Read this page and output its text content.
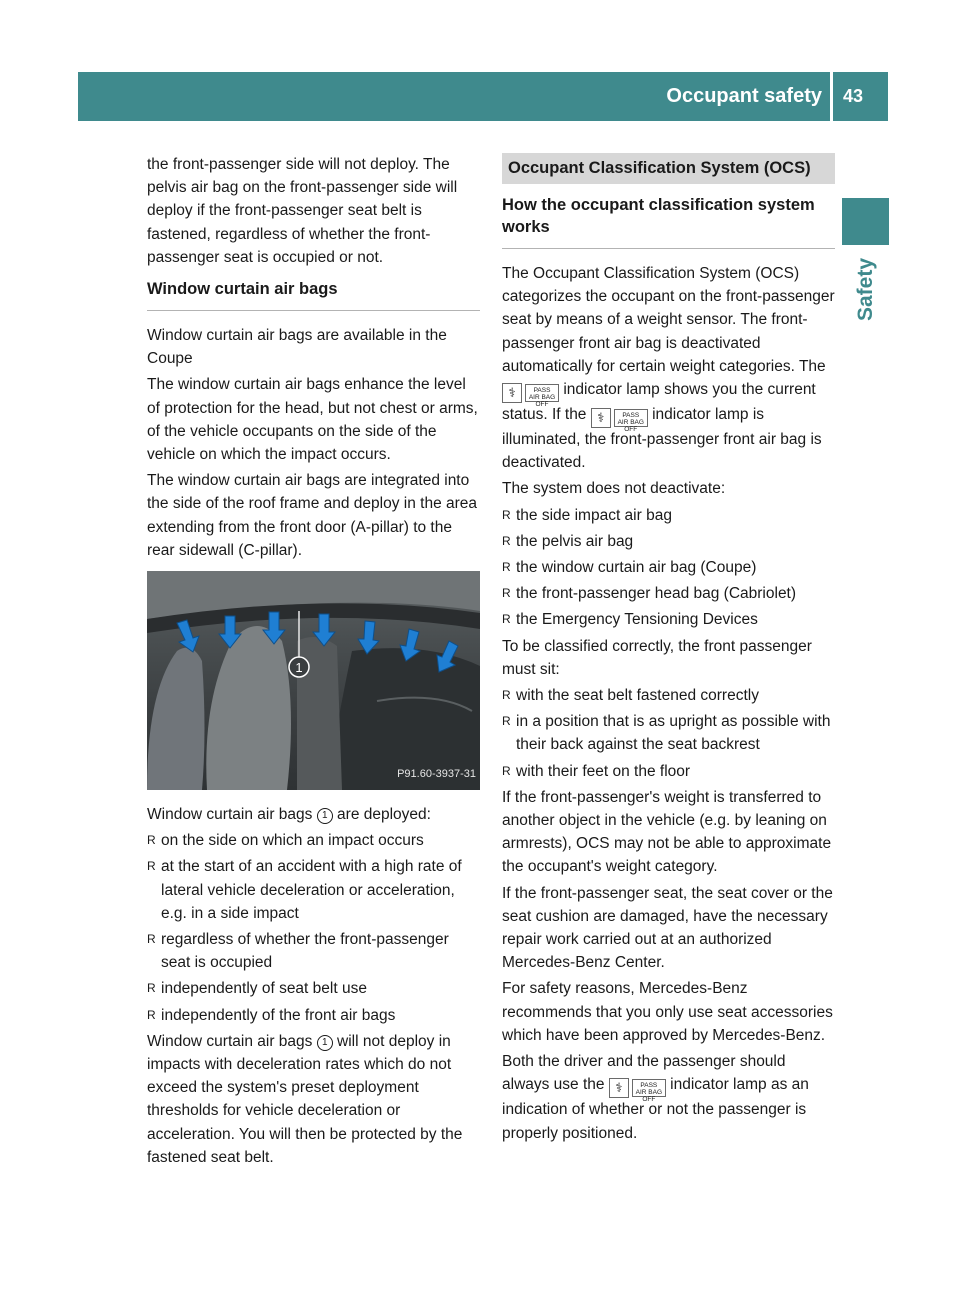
Occupant safety	43
Safety

the front-passenger side will not deploy. The pelvis air bag on the front-passenger side will deploy if the front-passenger seat belt is fastened, regardless of whether the front-passenger seat is occupied or not.

Window curtain air bags

Window curtain air bags are available in the Coupe

The window curtain air bags enhance the level of protection for the head, but not chest or arms, of the vehicle occupants on the side of the vehicle on which the impact occurs.

The window curtain air bags are integrated into the side of the roof frame and deploy in the area extending from the front door (A-pillar) to the rear sidewall (C-pillar).

1
P91.60-3937-31

Window curtain air bags 1 are deployed:

R on the side on which an impact occurs
R at the start of an accident with a high rate of lateral vehicle deceleration or acceleration, e.g. in a side impact
R regardless of whether the front-passenger seat is occupied
R independently of seat belt use
R independently of the front air bags

Window curtain air bags 1 will not deploy in impacts with deceleration rates which do not exceed the system's preset deployment thresholds for vehicle deceleration or acceleration. You will then be protected by the fastened seat belt.

Occupant Classification System (OCS)
How the occupant classification system works

The Occupant Classification System (OCS) categorizes the occupant on the front-passenger seat by means of a weight sensor. The front-passenger front air bag is deactivated automatically for certain weight categories. The
⚕	PASS
AIR BAG OFF
indicator lamp shows you the current status. If the ⚕	PASS
AIR BAG OFF
indicator lamp is illuminated, the front-passenger front air bag is deactivated.

The system does not deactivate:

R the side impact air bag
R the pelvis air bag
R the window curtain air bag (Coupe)
R the front-passenger head bag (Cabriolet)
R the Emergency Tensioning Devices

To be classified correctly, the front passenger must sit:

R with the seat belt fastened correctly
R in a position that is as upright as possible with their back against the seat backrest
R with their feet on the floor

If the front-passenger's weight is transferred to another object in the vehicle (e.g. by leaning on armrests), OCS may not be able to approximate the occupant's weight category.

If the front-passenger seat, the seat cover or the seat cushion are damaged, have the necessary repair work carried out at an authorized Mercedes-Benz Center.

For safety reasons, Mercedes-Benz recommends that you only use seat accessories which have been approved by Mercedes-Benz.

Both the driver and the passenger should always use the ⚕	PASS
AIR BAG OFF
indicator lamp as an indication of whether or not the passenger is properly positioned.
